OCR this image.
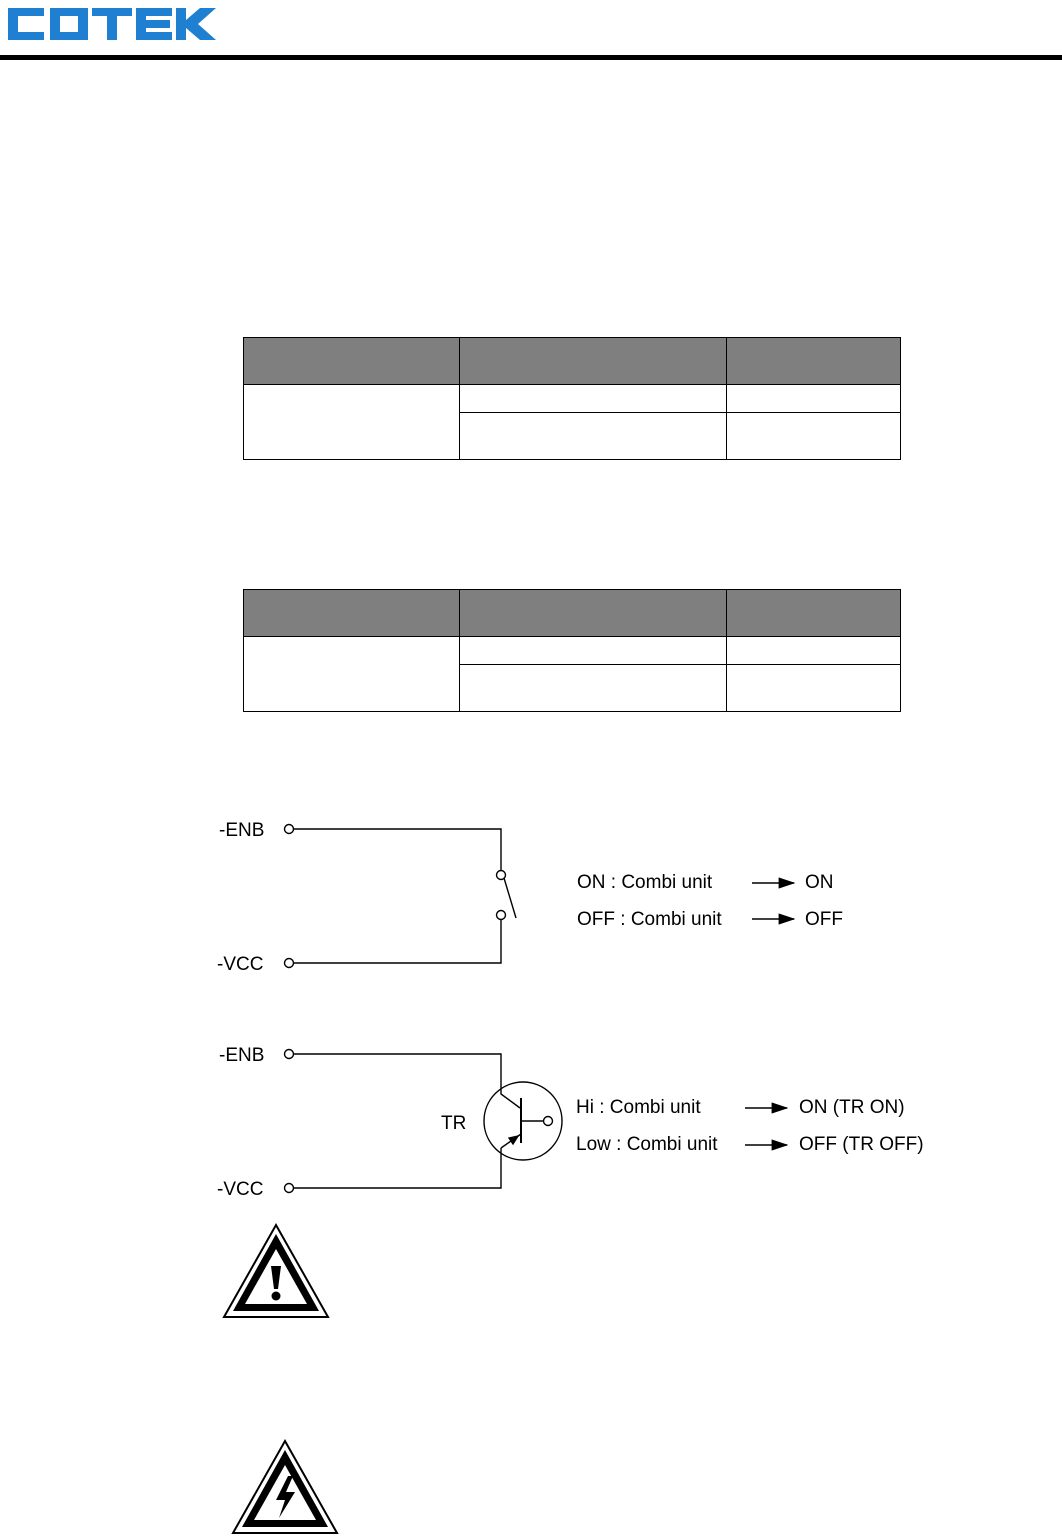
-ENB
-VCC
ON : Combi unit	ON
OFF : Combi unit	OFF
-ENB
-VCC
TR
Hi : Combi unit	ON (TR ON)
Low : Combi unit	OFF (TR OFF)
